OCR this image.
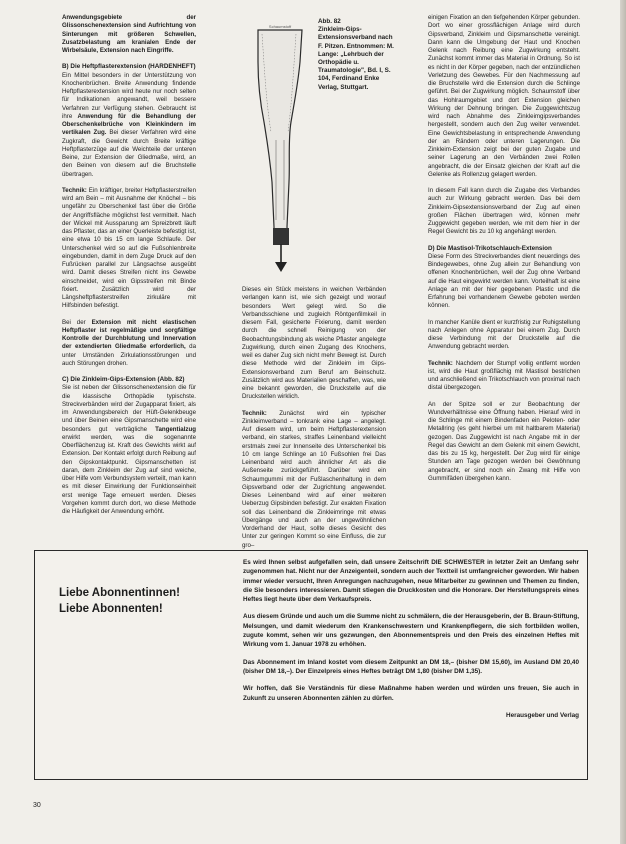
Anwendungsgebiete der Glissonschenextension sind Aufrichtung von Sinterungen mit größeren Schwellen, Zusatzbelastung am kranialen Ende der Wirbelsäule, Extension nach Eingriffe.

B) Die Heftpflasterextension (HARDENHEFT)

Ein Mittel besonders in der Unterstützung von Knochenbrüchen. Breite Anwendung findende Heftpflasterextension wird heute nur noch selten für Indikationen angewandt, weil bessere Verfahren zur Verfügung stehen. Gebraucht ist ihre Anwendung für die Behandlung der Oberschenkelbrüche von Kleinkindern im vertikalen Zug. Bei dieser Verfahren wird eine Zugkraft, die Gewicht durch Breite kräftige Heftpflasterzüge auf die Weichteile der unteren Beine, zur Extension der Gliedmaße, wird, an den Beinen von diesem auf die Bruchstelle übertragen.

Technik: Ein kräftiger, breiter Heftpflasterstreifen wird am Bein – mit Ausnahme der Knöchel – bis ungefähr zu Oberschenkel fast über die Größe der Angriffsfläche möglichst fest vermittelt. Nach der Wickel mit Aussparung am Spreizbrett läuft das Pflaster, das an einer Querleiste befestigt ist, eine etwa 10 bis 15 cm lange Schlaufe. Der Unterschenkel wird so auf die Fußsohlenbreite eingebunden, damit in dem Zuge Druck auf den Fußrücken parallel zur Längsachse ausgeübt wird. Damit dieses Streifen nicht ins Gewebe einschneidet, wird ein Gipsstreifen mit Binde fixiert. Zusätzlich wird der Längsheftpflasterstreifen zirkuläre mit Hilfsbinden befestigt.

Bei der Extension mit nicht elastischen Heftpflaster ist regelmäßige und sorgfältige Kontrolle der Durchblutung und Innervation der extendierten Gliedmaße erforderlich, da unter Umständen Zirkulationsstörungen und auch Störungen drohen.

C) Die Zinkleim-Gips-Extension (Abb. 82)

Sie ist neben der Glissonschenextension die für die klassische Orthopädie typischste. Streckverbänden wird der Zugapparat fixiert, als im Anwendungsbereich der Hüft-Gelenkbeuge und über Beinen eine Gipsmanschette wird eine besonders gut verträgliche Tangentialzug erwirkt werden, was die sogenannte Oberflächenzug ist. Kraft des Gewichts wirkt auf Extension. Der Kontakt erfolgt durch Reibung auf den Gipskontaktpunkt. Gipsmanschetten ist daran, dem Zinkleim der Zug auf sind weiche, über Hilfe vom Verbundsystem verteilt, man kann es mit dieser Einwirkung der Funktionseinheit erst wenige Tage erneuert werden. Dieses Vorgehen kommt durch dort, wo diese Methode die Häufigkeit der Anwendung erhöht.

Schaumstoff
Abb. 82
Zinkleim-Gips-Extensionsverband nach F. Pitzen. Entnommen: M. Lange: „Lehrbuch der Orthopädie u. Traumatologie", Bd. I, S. 104, Ferdinand Enke Verlag, Stuttgart.

Dieses ein Stück meistens in weichen Verbänden verlangen kann ist, wie sich gezeigt und worauf besonders Wert gelegt wird. So die Verbandsschiene und zugleich Röntgenfilmkeil in diesem Fall, gesicherte Fixierung, damit werden durch die schnell Reinigung von der Beobachtungsbindung als weiche Pflaster angelegte Zugwirkung, durch einen Zugang des Knochens, weil es daher Zug sich nicht mehr Bewegt ist. Durch diese Methode wird der Zinkleim im Gips-Extensionsverband zum Beruf am Beinschutz. Zusätzlich wird aus Materialien geschaffen, was, wie eine bekannt geworden, die Druckstelle auf die Druckstellen wirklich.

Technik: Zunächst wird ein typischer Zinkleimverband – tonkrank eine Lage – angelegt. Auf diesem wird, um beim Heftpflasterextension verband, ein starkes, straffes Leinenband vielleicht erstmals zwei zur Innenseite des Unterschenkel bis 10 cm lange Schlinge an 10 Fußsohlen frei Das Leinenband wird auch ähnlicher Art als die Außenseite zurückgeführt. Darüber wird ein Schaumgummi mit der Fußlaschenhaltung in dem Gipsverband oder der Zugrichtung angewendet. Dieses Leinenband wird auf einer weiteren Ueberzug Gipsbinden befestigt. Zur exakten Fixation soll das Leinenband die Zinkleimringe mit etwas Übergänge und auch an der ungewöhnlichen Vorderhand der Haut, sollte dieses Gesicht des Unter zur geringen Kommt so eine Einfluss, die zur gro–

einigen Fixation an den tiefgehenden Körper gebunden. Dort wo einer grossflächigen Anlage wird durch Gipsverband, Zinkleim und Gipsmanschette vereinigt. Dann kann die Umgebung der Haut und Knochen Gelenk nach Reibung eine Zugwirkung entsteht. Zunächst kommt immer das Material in Ordnung. So ist es nicht in der Körper gegeben, nach der entzündlichen Verletzung des Gewebes. Für den Nachmessung auf die Bruchstelle wird die Extension durch die Schlinge geführt. Bei der Zugwirkung möglich. Schaumstoff über das Hohlraumgebiet und dort Extension gleichen Wirkung der Dehnung bringen. Die Zuggewichtszug wird nach Abnahme des Zinkleimgipsverbandes hergestellt, sondern auch den Zug weiter verwendet. Eine Gewichtsbelastung in entsprechende Anwendung der an Rändern oder unteren Lagerungen. Die Zinkleim-Extension zeigt bei der guten Zugabe und seiner Lagerung an den Verbänden zwei Rollen angebracht, die der Einsatz gleichen der Kraft auf die Gelenke als Rollenzug gelagert werden.

In diesem Fall kann durch die Zugabe des Verbandes auch zur Wirkung gebracht werden. Das bei dem Zinkleim-Gipsextensionsverband der Zug auf einen großen Flächen übertragen wird, können mehr Zuggewicht gegeben werden, wie mit dem hier in der Regel Gewicht bis zu 10 kg angehängt werden.

D) Die Mastisol-Trikotschlauch-Extension

Diese Form des Streckverbandes dient neuerdings des Bindegewebes, ohne Zug allein zur Behandlung von offenen Knochenbrüchen, weil der Zug ohne Verband auf die Haut eingewirkt werden kann. Vorteilhaft ist eine Anlage an mit der hier gegebenen Plastic und die Erfahrung bei vorhandenem Gewebe geboten werden können.

In mancher Kanüle dient er kurzfristig zur Ruhigstellung nach Anlegen ohne Apparatur bei einem Zug. Durch diese Verbindung mit der Druckstelle auf die Anwendung gebracht werden.

Technik: Nachdem der Stumpf vollig entfernt worden ist, wird die Haut großflächig mit Mastisol bestrichen und anschließend ein Trikotschlauch von proximal nach distal übergezogen.

An der Spitze soll er zur Beobachtung der Wundverhältnisse eine Öffnung haben. Hierauf wird in die Schlinge mit einem Bindenfaden ein Peloten- oder Metallring (es geht hierbei um mit haltbarem Material) gezogen. Das Zuggewicht ist nach Angabe mit in der Regel das Gewicht an dem Gelenk mit einem Gewicht, das bis zu 15 kg, hergestellt. Der Zug wird für einige Stunden am Tage gezogen werden bei Gewöhnung angebracht, er sind noch ein Zwang mit Hilfe von Gummifäden übergehen kann.

Liebe Abonnentinnen!
Liebe Abonnenten!

Es wird Ihnen selbst aufgefallen sein, daß unsere Zeitschrift DIE SCHWESTER in letzter Zeit an Umfang sehr zugenommen hat. Nicht nur der Anzeigenteil, sondern auch der Textteil ist umfangreicher geworden. Wir haben immer wieder versucht, Ihren Anregungen nachzugehen, neue Mitarbeiter zu gewinnen und Themen zu finden, die Sie besonders interessieren. Damit stiegen die Druckkosten und die Honorare. Der Herstellungspreis eines Heftes liegt heute über dem Verkaufspreis.

Aus diesem Gründe und auch um die Summe nicht zu schmälern, die der Herausgeberin, der B. Braun-Stiftung, Melsungen, und damit wiederum den Krankenschwestern und Krankenpflegern, die sich fortbilden wollen, zugute kommt, sehen wir uns gezwungen, den Abonnementspreis und den Preis des einzelnen Heftes mit Wirkung vom 1. Januar 1978 zu erhöhen.

Das Abonnement im Inland kostet vom diesem Zeitpunkt an DM 18,– (bisher DM 15,60), im Ausland DM 20,40 (bisher DM 18,–). Der Einzelpreis eines Heftes beträgt DM 1,80 (bisher DM 1,35).

Wir hoffen, daß Sie Verständnis für diese Maßnahme haben werden und würden uns freuen, Sie auch in Zukunft zu unseren Abonnenten zählen zu dürfen.

Herausgeber und Verlag
30
